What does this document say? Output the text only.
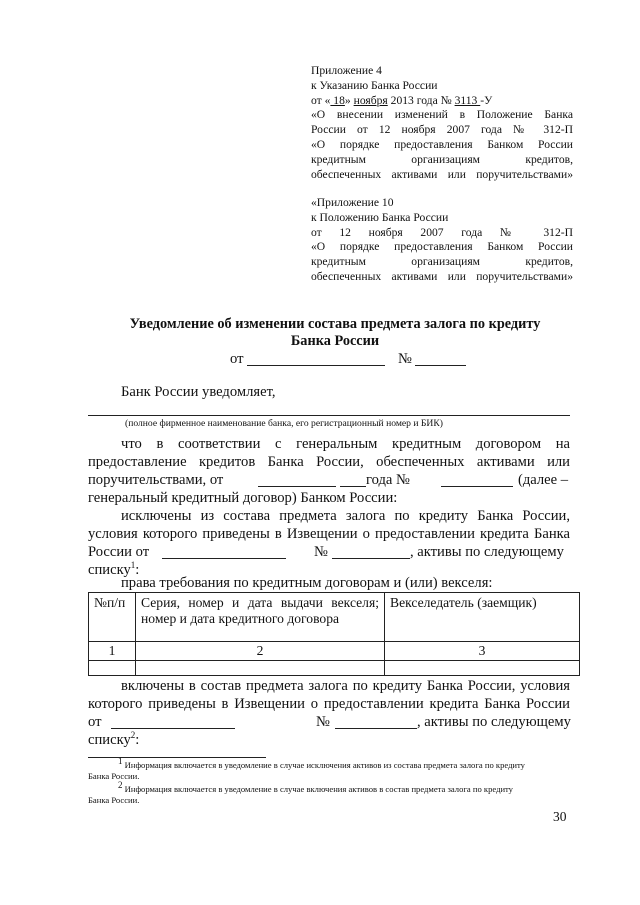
Приложение 4
к Указанию Банка России
от « 18» ноября 2013 года № 3113 -У
«О внесении изменений в Положение Банка
России от 12 ноября 2007 года № 312-П
«О порядке предоставления Банком России
кредитным организациям кредитов,
обеспеченных активами или поручительствами»
«Приложение 10
к Положению Банка России
от 12 ноября 2007 года № 312-П
«О порядке предоставления Банком России
кредитным организациям кредитов,
обеспеченных активами или поручительствами»
Уведомление об изменении состава предмета залога по кредиту
Банка России
от	№
Банк России уведомляет,
(полное фирменное наименование банка, его регистрационный номер и БИК)
что в соответствии с генеральным кредитным договором на
предоставление кредитов Банка России, обеспеченных активами или
поручительствами, от	года №	(далее –
генеральный кредитный договор) Банком России:
исключены из состава предмета залога по кредиту Банка России,
условия которого приведены в Извещении о предоставлении кредита Банка
России от	№	, активы по следующему
списку$^1$:
права требования по кредитным договорам и (или) векселя:
№п/п	Серия, номер и дата выдачи векселя; номер и дата кредитного договора	Векселедатель (заемщик)
1	2	3

включены в состав предмета залога по кредиту Банка России, условия
которого приведены в Извещении о предоставлении кредита Банка России
от	№	, активы по следующему
списку$^2$:
1 Информация включается в уведомление в случае исключения активов из состава предмета залога по кредиту
Банка России.
2 Информация включается в уведомление в случае включения активов в состав предмета залога по кредиту
Банка России.
30
